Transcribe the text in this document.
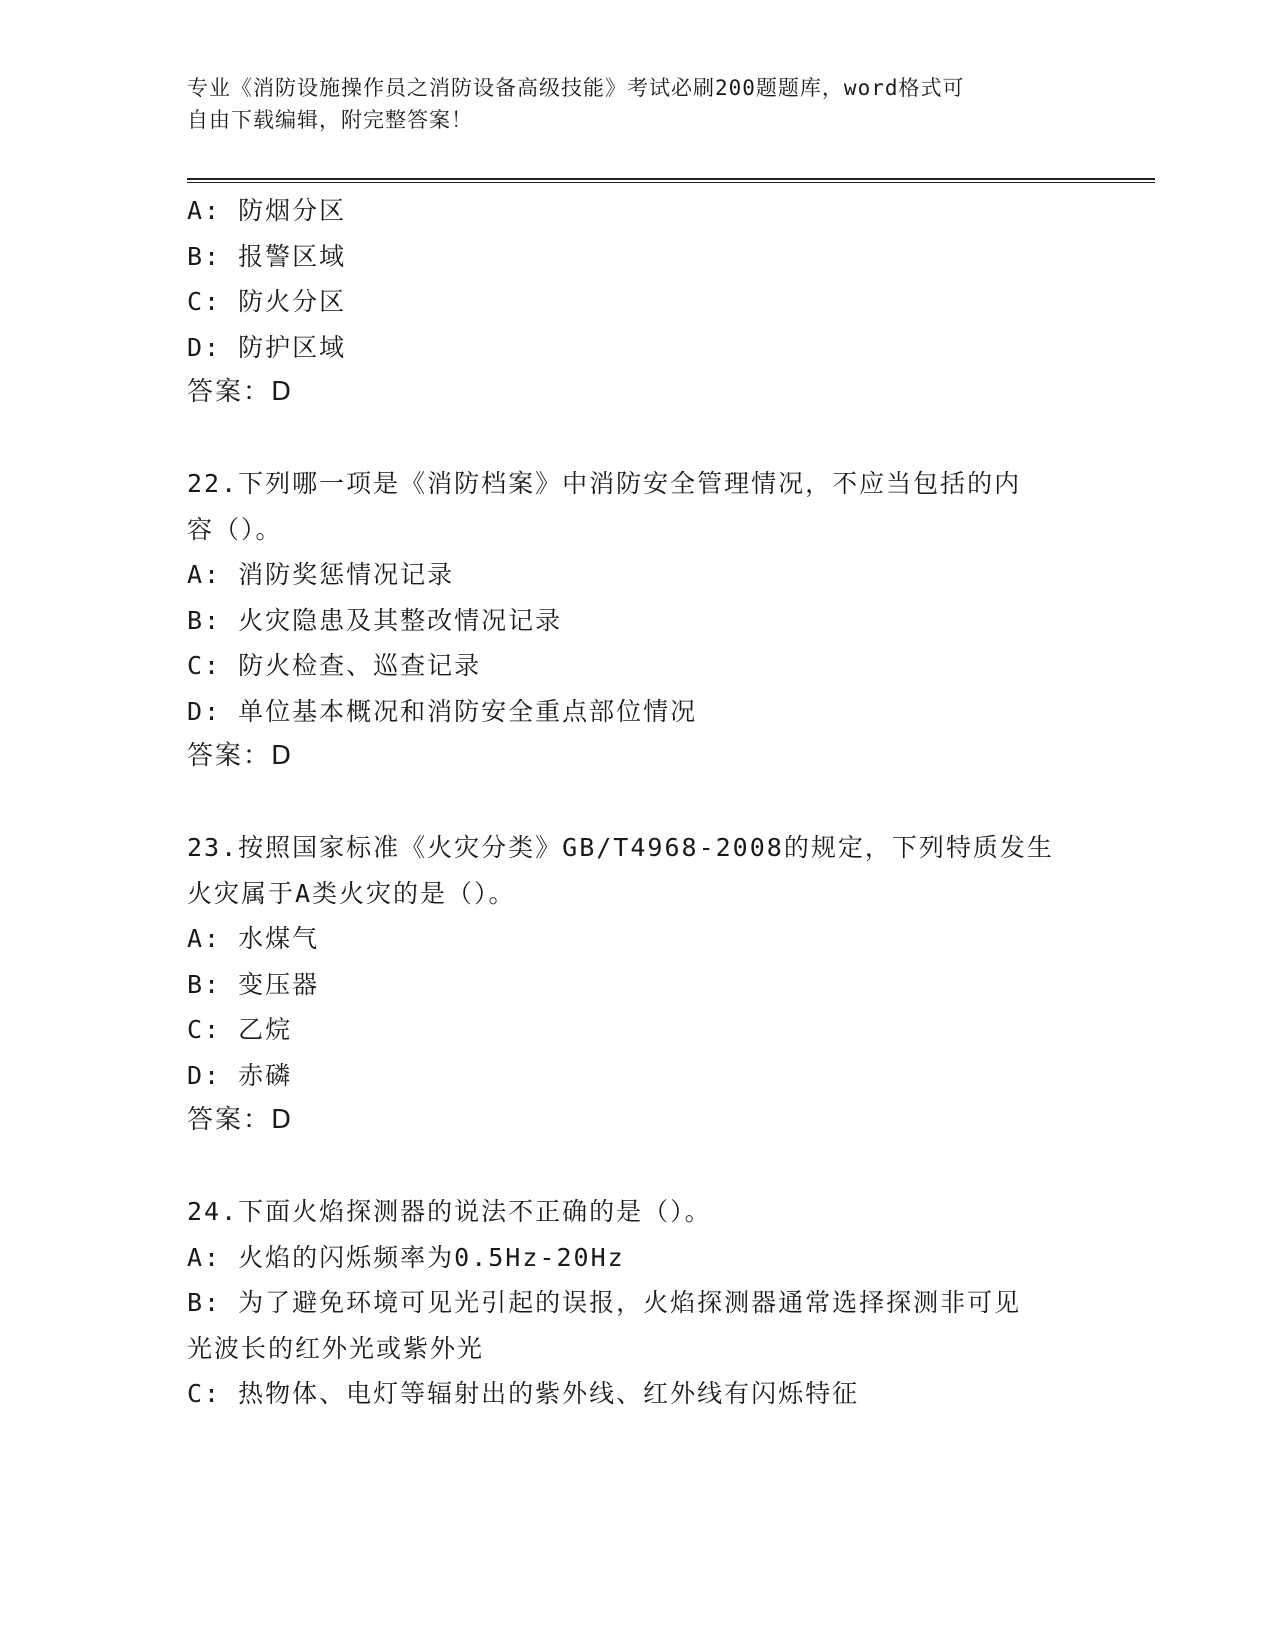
专业《消防设施操作员之消防设备高级技能》考试必刷200题题库，word格式可
自由下载编辑，附完整答案！
A: 防烟分区
B: 报警区域
C: 防火分区
D: 防护区域
答案：D
22.下列哪一项是《消防档案》中消防安全管理情况，不应当包括的内
容（）。
A: 消防奖惩情况记录
B: 火灾隐患及其整改情况记录
C: 防火检查、巡查记录
D: 单位基本概况和消防安全重点部位情况
答案：D
23.按照国家标准《火灾分类》GB/T4968-2008的规定，下列特质发生
火灾属于A类火灾的是（）。
A: 水煤气
B: 变压器
C: 乙烷
D: 赤磷
答案：D
24.下面火焰探测器的说法不正确的是（）。
A: 火焰的闪烁频率为0.5Hz-20Hz
B: 为了避免环境可见光引起的误报，火焰探测器通常选择探测非可见
光波长的红外光或紫外光
C: 热物体、电灯等辐射出的紫外线、红外线有闪烁特征
